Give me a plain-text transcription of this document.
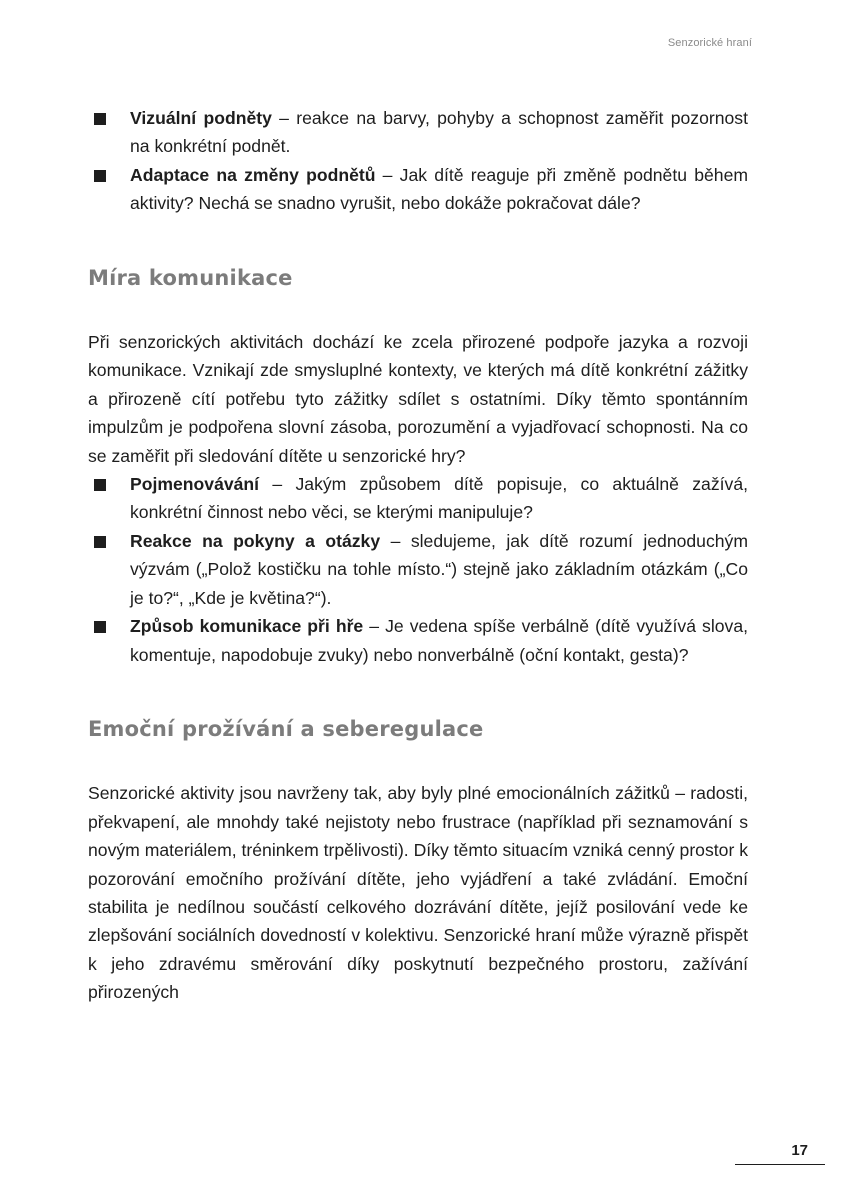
Senzorické hraní
Vizuální podněty – reakce na barvy, pohyby a schopnost zaměřit pozornost na konkrétní podnět.
Adaptace na změny podnětů – Jak dítě reaguje při změně podnětu během aktivity? Nechá se snadno vyrušit, nebo dokáže pokračovat dále?
Míra komunikace

Při senzorických aktivitách dochází ke zcela přirozené podpoře jazyka a rozvoji komunikace. Vznikají zde smysluplné kontexty, ve kterých má dítě konkrétní zážitky a přirozeně cítí potřebu tyto zážitky sdílet s ostatními. Díky těmto spontánním impulzům je podpořena slovní zásoba, porozumění a vyjadřovací schopnosti. Na co se zaměřit při sledování dítěte u senzorické hry?

Pojmenovávání – Jakým způsobem dítě popisuje, co aktuálně zažívá, konkrétní činnost nebo věci, se kterými manipuluje?
Reakce na pokyny a otázky – sledujeme, jak dítě rozumí jednoduchým výzvám („Polož kostičku na tohle místo.“) stejně jako základním otázkám („Co je to?“, „Kde je květina?“).
Způsob komunikace při hře – Je vedena spíše verbálně (dítě využívá slova, komentuje, napodobuje zvuky) nebo nonverbálně (oční kontakt, gesta)?
Emoční prožívání a seberegulace

Senzorické aktivity jsou navrženy tak, aby byly plné emocionálních zážitků – radosti, překvapení, ale mnohdy také nejistoty nebo frustrace (například při seznamování s novým materiálem, tréninkem trpělivosti). Díky těmto situacím vzniká cenný prostor k pozorování emočního prožívání dítěte, jeho vyjádření a také zvládání. Emoční stabilita je nedílnou součástí celkového dozrávání dítěte, jejíž posilování vede ke zlepšování sociálních dovedností v kolektivu. Senzorické hraní může výrazně přispět k jeho zdravému směrování díky poskytnutí bezpečného prostoru, zažívání přirozených

17
